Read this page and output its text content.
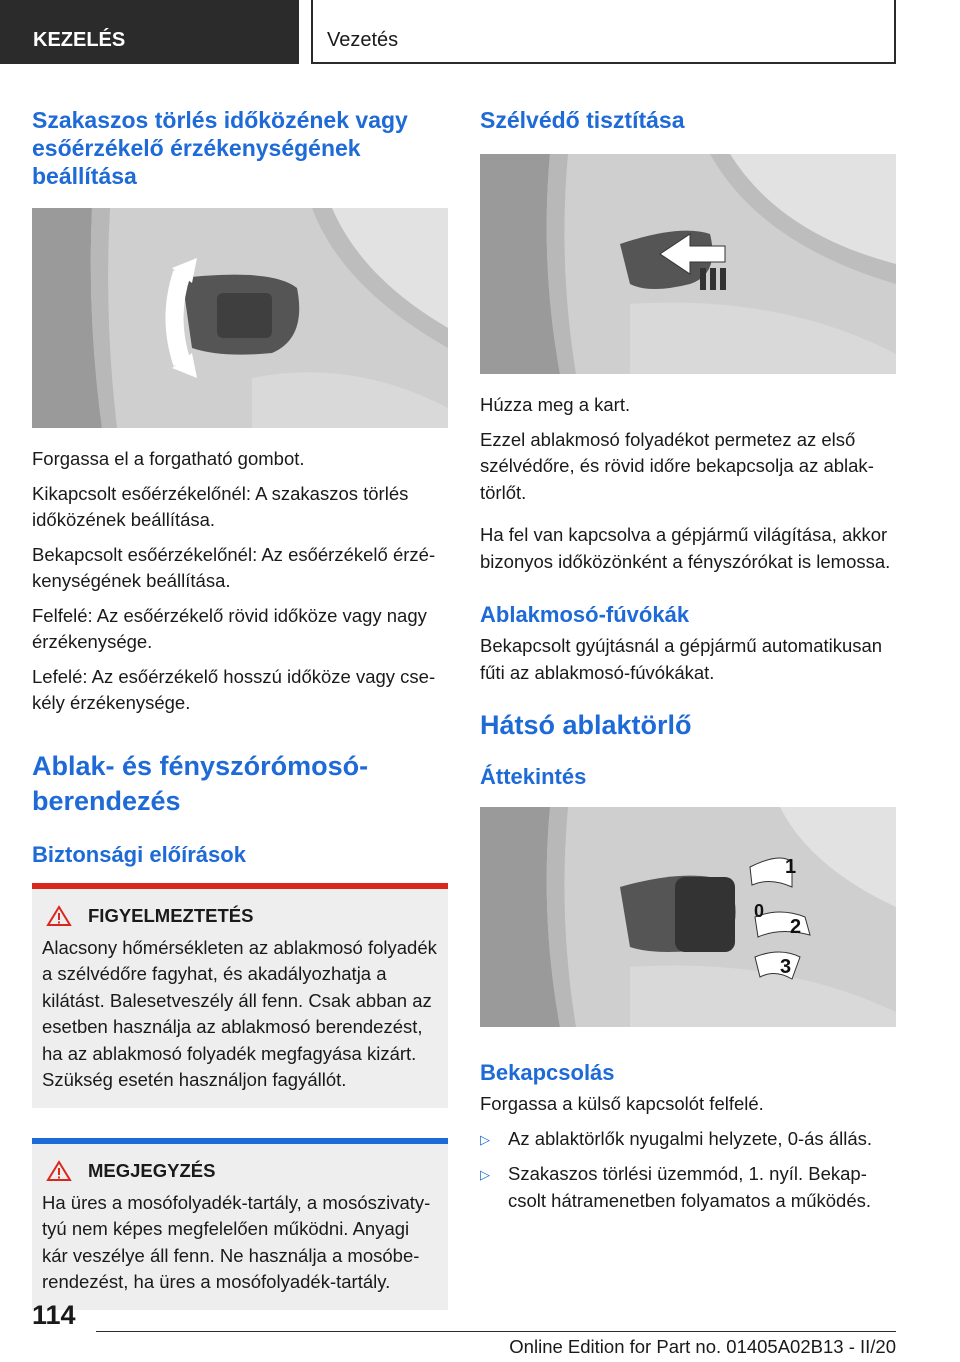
KEZELÉS	Vezetés
Szakaszos törlés időközének vagy esőérzékelő érzékenységének beállítása

Forgassa el a forgatható gombot.

Kikapcsolt esőérzékelőnél: A szakaszos törlés időközének beállítása.

Bekapcsolt esőérzékelőnél: Az esőérzékelő érzékenységének beállítása.

Felfelé: Az esőérzékelő rövid időköze vagy nagy érzékenysége.

Lefelé: Az esőérzékelő hosszú időköze vagy csekély érzékenysége.

Ablak- és fényszórómosó-berendezés
Biztonsági előírások
FIGYELMEZTETÉS

Alacsony hőmérsékleten az ablakmosó folyadék a szélvédőre fagyhat, és akadályozhatja a kilátást. Balesetveszély áll fenn. Csak abban az esetben használja az ablakmosó berendezést, ha az ablakmosó folyadék megfagyása kizárt. Szükség esetén használjon fagyállót.

MEGJEGYZÉS

Ha üres a mosófolyadék-tartály, a mosószivatytyú nem képes megfelelően működni. Anyagi kár veszélye áll fenn. Ne használja a mosóberendezést, ha üres a mosófolyadék-tartály.

Szélvédő tisztítása

Húzza meg a kart.

Ezzel ablakmosó folyadékot permetez az első szélvédőre, és rövid időre bekapcsolja az ablaktörlőt.

Ha fel van kapcsolva a gépjármű világítása, akkor bizonyos időközönként a fényszórókat is lemossa.

Ablakmosó-fúvókák

Bekapcsolt gyújtásnál a gépjármű automatikusan fűti az ablakmosó-fúvókákat.

Hátsó ablaktörlő
Áttekintés
1
0
2
3
Bekapcsolás

Forgassa a külső kapcsolót felfelé.

▷ Az ablaktörlők nyugalmi helyzete, 0-ás állás.
▷ Szakaszos törlési üzemmód, 1. nyíl. Bekapcsolt hátramenetben folyamatos a működés.
114
Online Edition for Part no. 01405A02B13 - II/20
